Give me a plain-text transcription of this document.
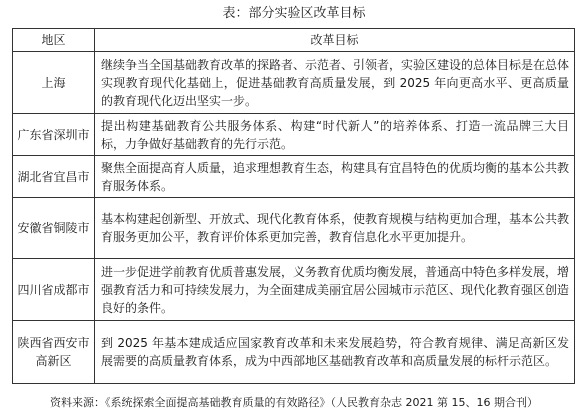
表：部分实验区改革目标
地区	改革目标
上海	继续争当全国基础教育改革的探路者、示范者、引领者，实验区建设的总体目标是在总体实现教育现代化基础上，促进基础教育高质量发展，到 2025 年向更高水平、更高质量的教育现代化迈出坚实一步。
广东省深圳市	提出构建基础教育公共服务体系、构建“时代新人”的培养体系、打造一流品牌三大目标，力争做好基础教育的先行示范。
湖北省宜昌市	聚焦全面提高育人质量，追求理想教育生态，构建具有宜昌特色的优质均衡的基本公共教育服务体系。
安徽省铜陵市	基本构建起创新型、开放式、现代化教育体系，使教育规模与结构更加合理，基本公共教育服务更加公平，教育评价体系更加完善，教育信息化水平更加提升。
四川省成都市	进一步促进学前教育优质普惠发展，义务教育优质均衡发展，普通高中特色多样发展，增强教育活力和可持续发展力，为全面建成美丽宜居公园城市示范区、现代化教育强区创造良好的条件。
陕西省西安市高新区	到 2025 年基本建成适应国家教育改革和未来发展趋势，符合教育规律、满足高新区发展需要的高质量教育体系，成为中西部地区基础教育改革和高质量发展的标杆示范区。
资料来源：《系统探索全面提高基础教育质量的有效路径》（人民教育杂志 2021 第 15、16 期合刊）
